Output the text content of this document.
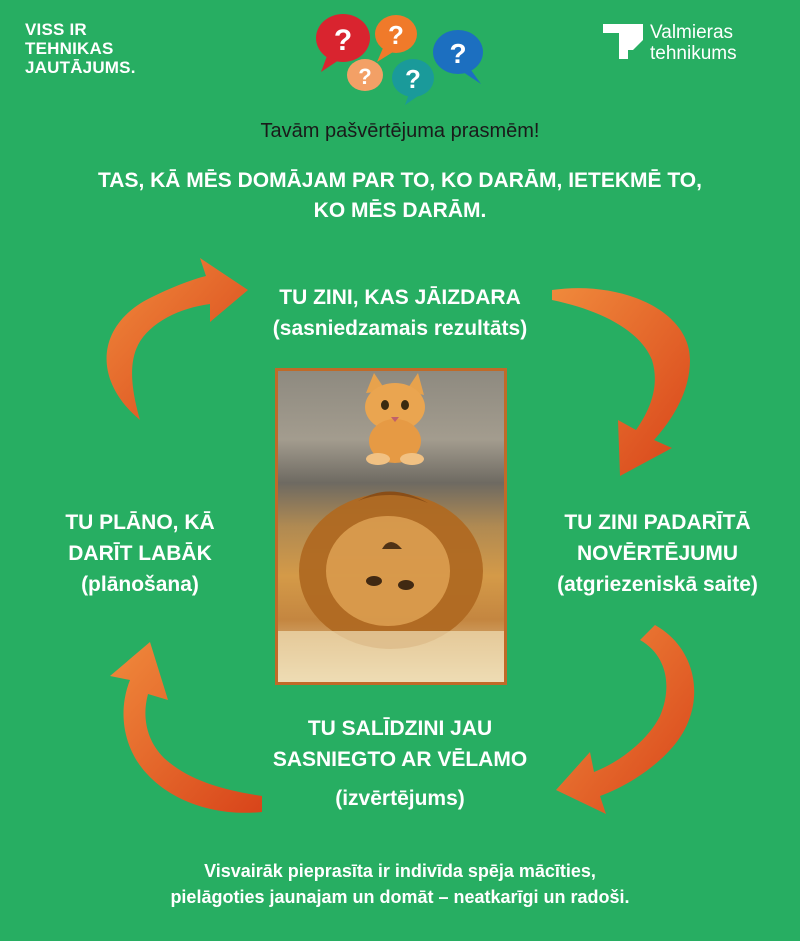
VISS IR
TEHNIKAS
JAUTĀJUMS.
? ?
? ?
?
Valmieras
tehnikums
Tavām pašvērtējuma prasmēm!
TAS, KĀ MĒS DOMĀJAM PAR TO, KO DARĀM, IETEKMĒ TO,
KO MĒS DARĀM.
TU ZINI, KAS JĀIZDARA
(sasniedzamais rezultāts)
TU ZINI PADARĪTĀ
NOVĒRTĒJUMU
(atgriezeniskā saite)
TU PLĀNO, KĀ
DARĪT LABĀK
(plānošana)
TU SALĪDZINI JAU
SASNIEGTO AR VĒLAMO
(izvērtējums)
Visvairāk pieprasīta ir indivīda spēja mācīties,
pielāgoties jaunajam un domāt – neatkarīgi un radoši.
